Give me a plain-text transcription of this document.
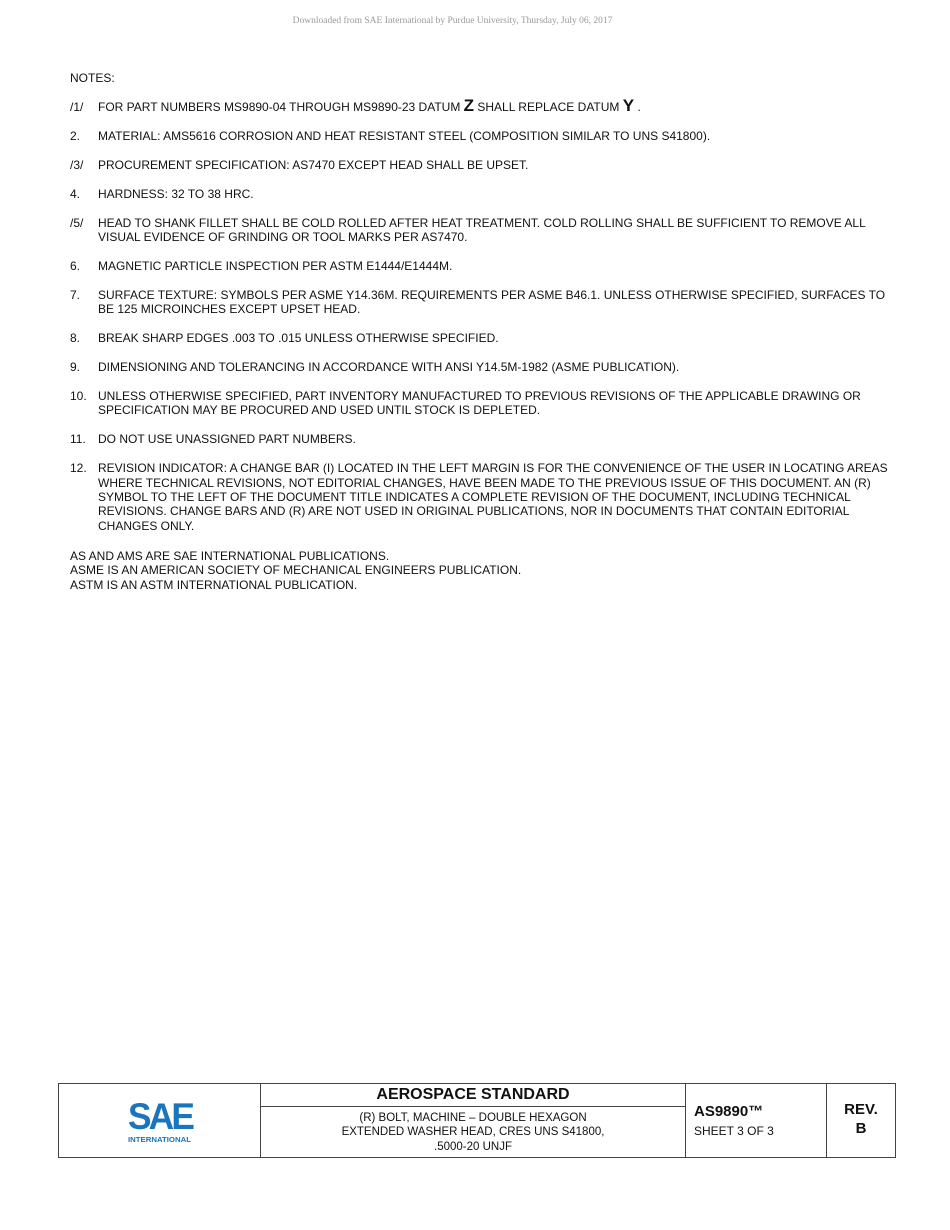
Downloaded from SAE International by Purdue University, Thursday, July 06, 2017
NOTES:
/1/ FOR PART NUMBERS MS9890-04 THROUGH MS9890-23 DATUM Z SHALL REPLACE DATUM Y .
2. MATERIAL: AMS5616 CORROSION AND HEAT RESISTANT STEEL (COMPOSITION SIMILAR TO UNS S41800).
/3/ PROCUREMENT SPECIFICATION: AS7470 EXCEPT HEAD SHALL BE UPSET.
4. HARDNESS: 32 TO 38 HRC.
/5/ HEAD TO SHANK FILLET SHALL BE COLD ROLLED AFTER HEAT TREATMENT. COLD ROLLING SHALL BE SUFFICIENT TO REMOVE ALL VISUAL EVIDENCE OF GRINDING OR TOOL MARKS PER AS7470.
6. MAGNETIC PARTICLE INSPECTION PER ASTM E1444/E1444M.
7. SURFACE TEXTURE: SYMBOLS PER ASME Y14.36M. REQUIREMENTS PER ASME B46.1. UNLESS OTHERWISE SPECIFIED, SURFACES TO BE 125 MICROINCHES EXCEPT UPSET HEAD.
8. BREAK SHARP EDGES .003 TO .015 UNLESS OTHERWISE SPECIFIED.
9. DIMENSIONING AND TOLERANCING IN ACCORDANCE WITH ANSI Y14.5M-1982 (ASME PUBLICATION).
10. UNLESS OTHERWISE SPECIFIED, PART INVENTORY MANUFACTURED TO PREVIOUS REVISIONS OF THE APPLICABLE DRAWING OR SPECIFICATION MAY BE PROCURED AND USED UNTIL STOCK IS DEPLETED.
11. DO NOT USE UNASSIGNED PART NUMBERS.
12. REVISION INDICATOR: A CHANGE BAR (I) LOCATED IN THE LEFT MARGIN IS FOR THE CONVENIENCE OF THE USER IN LOCATING AREAS WHERE TECHNICAL REVISIONS, NOT EDITORIAL CHANGES, HAVE BEEN MADE TO THE PREVIOUS ISSUE OF THIS DOCUMENT. AN (R) SYMBOL TO THE LEFT OF THE DOCUMENT TITLE INDICATES A COMPLETE REVISION OF THE DOCUMENT, INCLUDING TECHNICAL REVISIONS. CHANGE BARS AND (R) ARE NOT USED IN ORIGINAL PUBLICATIONS, NOR IN DOCUMENTS THAT CONTAIN EDITORIAL CHANGES ONLY.
AS AND AMS ARE SAE INTERNATIONAL PUBLICATIONS.
ASME IS AN AMERICAN SOCIETY OF MECHANICAL ENGINEERS PUBLICATION.
ASTM IS AN ASTM INTERNATIONAL PUBLICATION.
SAE
INTERNATIONAL
AEROSPACE STANDARD
(R) BOLT, MACHINE – DOUBLE HEXAGON
EXTENDED WASHER HEAD, CRES UNS S41800,
.5000-20 UNJF
AS9890™
SHEET 3 OF 3
REV.
B
